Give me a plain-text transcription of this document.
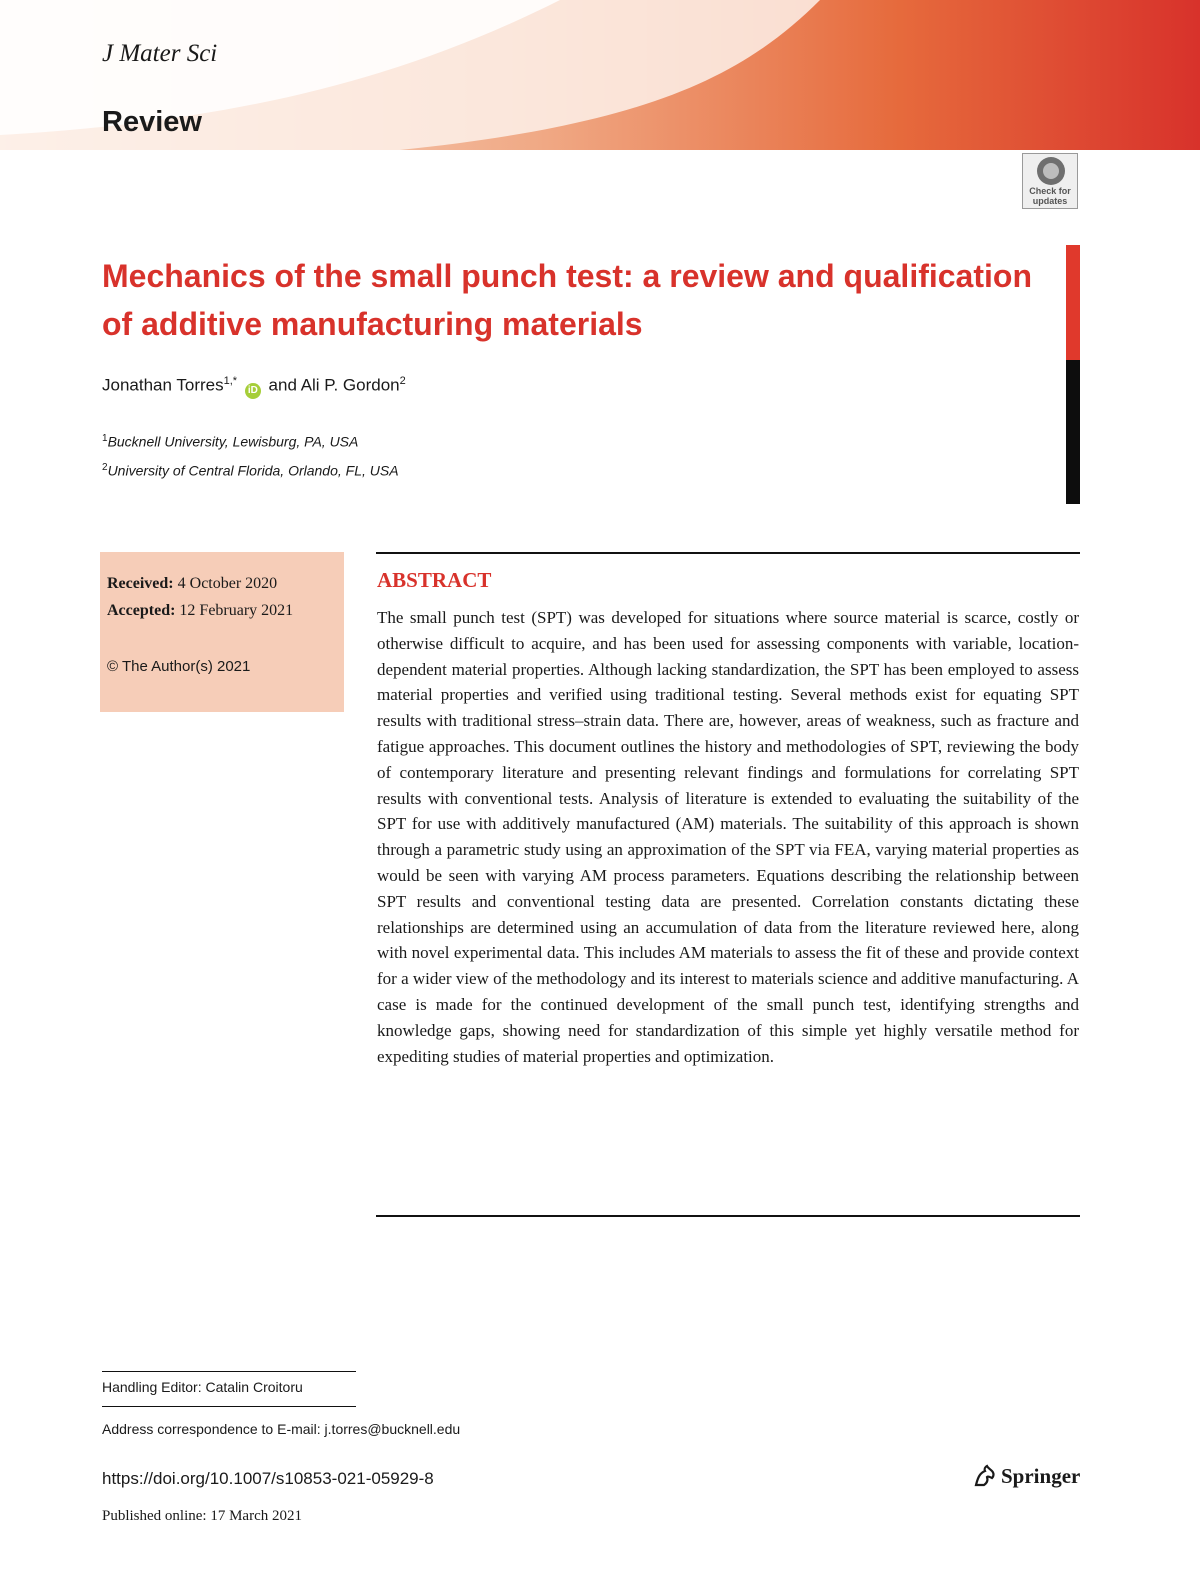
J Mater Sci
Review
Check for updates
Mechanics of the small punch test: a review and qualification of additive manufacturing materials
Jonathan Torres$^{1,*}$ iD and Ali P. Gordon$^2$
$^1$Bucknell University, Lewisburg, PA, USA
$^2$University of Central Florida, Orlando, FL, USA
Received: 4 October 2020
Accepted: 12 February 2021
© The Author(s) 2021
ABSTRACT

The small punch test (SPT) was developed for situations where source material is scarce, costly or otherwise difficult to acquire, and has been used for assessing components with variable, location-dependent material properties. Although lacking standardization, the SPT has been employed to assess material properties and verified using traditional testing. Several methods exist for equating SPT results with traditional stress–strain data. There are, however, areas of weakness, such as fracture and fatigue approaches. This document outlines the history and methodologies of SPT, reviewing the body of contemporary literature and presenting relevant findings and formulations for correlating SPT results with conventional tests. Analysis of literature is extended to evaluating the suitability of the SPT for use with additively manufactured (AM) materials. The suitability of this approach is shown through a parametric study using an approximation of the SPT via FEA, varying material properties as would be seen with varying AM process parameters. Equations describing the relationship between SPT results and conventional testing data are presented. Correlation constants dictating these relationships are determined using an accumulation of data from the literature reviewed here, along with novel experimental data. This includes AM materials to assess the fit of these and provide context for a wider view of the methodology and its interest to materials science and additive manufacturing. A case is made for the continued development of the small punch test, identifying strengths and knowledge gaps, showing need for standardization of this simple yet highly versatile method for expediting studies of material properties and optimization.

Handling Editor: Catalin Croitoru
Address correspondence to E-mail: j.torres@bucknell.edu
https://doi.org/10.1007/s10853-021-05929-8
Published online: 17 March 2021
Springer
